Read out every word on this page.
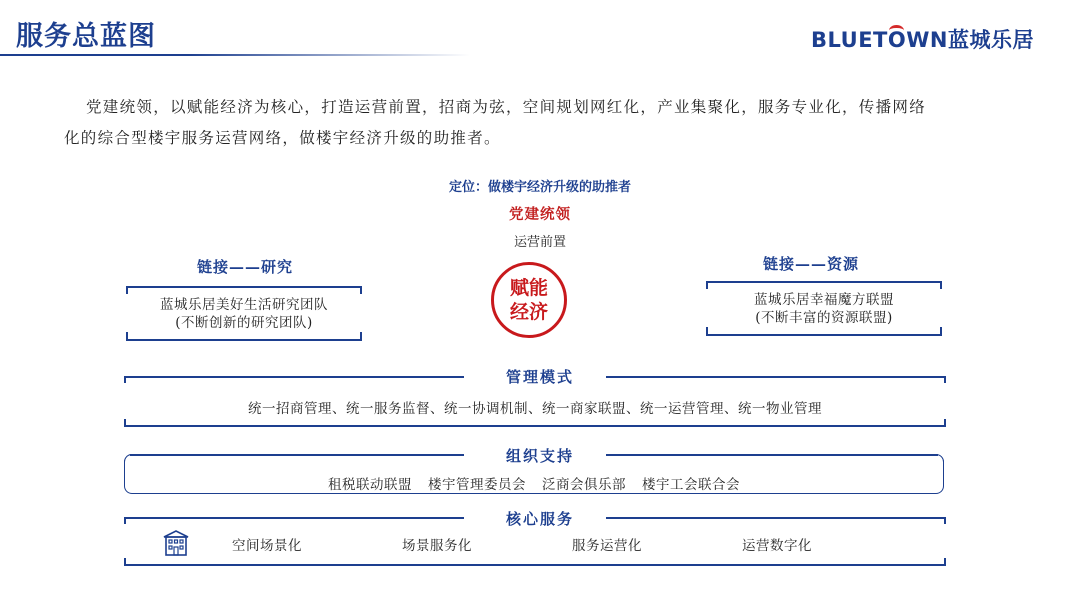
服务总蓝图	BLUET
OWN蓝城乐居
党建统领，以赋能经济为核心，打造运营前置，招商为弦，空间规划网红化，产业集聚化，服务专业化，传播网络
化的综合型楼宇服务运营网络，做楼宇经济升级的助推者。
定位：做楼宇经济升级的助推者
党建统领
运营前置
赋能
经济
链接——研究
蓝城乐居美好生活研究团队
(不断创新的研究团队)
链接——资源
蓝城乐居幸福魔方联盟
(不断丰富的资源联盟)
管理模式
统一招商管理、统一服务监督、统一协调机制、统一商家联盟、统一运营管理、统一物业管理
组织支持
租税联动联盟 楼宇管理委员会 泛商会俱乐部 楼宇工会联合会
核心服务
空间场景化	场景服务化	服务运营化	运营数字化
